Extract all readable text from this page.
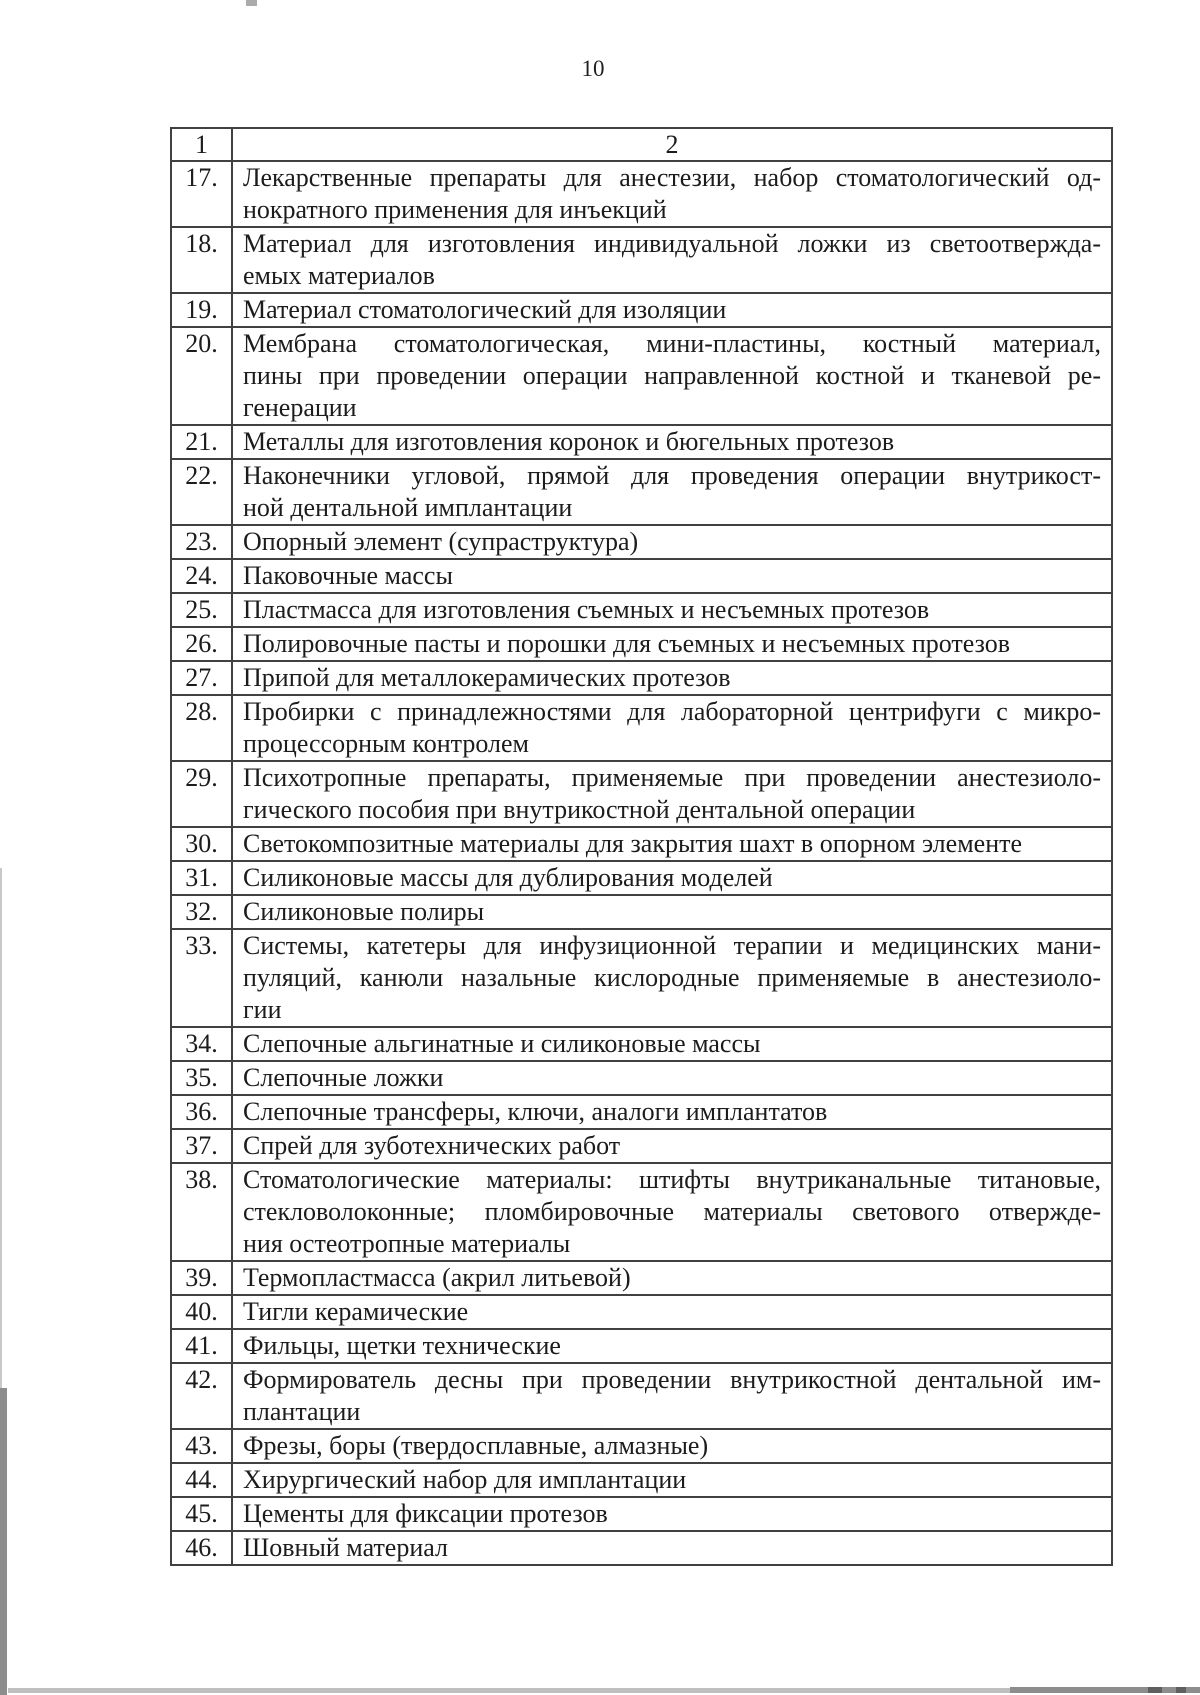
10
1	2
17.	Лекарственные препараты для анестезии, набор стоматологический од-
нократного применения для инъекций

18.	Материал для изготовления индивидуальной ложки из светоотвержда-
емых материалов

19.	Материал стоматологический для изоляции

20.	Мембрана стоматологическая, мини-пластины, костный материал,
пины при проведении операции направленной костной и тканевой ре-
генерации

21.	Металлы для изготовления коронок и бюгельных протезов

22.	Наконечники угловой, прямой для проведения операции внутрикост-
ной дентальной имплантации

23.	Опорный элемент (супраструктура)

24.	Паковочные массы

25.	Пластмасса для изготовления съемных и несъемных протезов

26.	Полировочные пасты и порошки для съемных и несъемных протезов

27.	Припой для металлокерамических протезов

28.	Пробирки с принадлежностями для лабораторной центрифуги с микро-
процессорным контролем

29.	Психотропные препараты, применяемые при проведении анестезиоло-
гического пособия при внутрикостной дентальной операции

30.	Светокомпозитные материалы для закрытия шахт в опорном элементе

31.	Силиконовые массы для дублирования моделей

32.	Силиконовые полиры

33.	Системы, катетеры для инфузиционной терапии и медицинских мани-
пуляций, канюли назальные кислородные применяемые в анестезиоло-
гии

34.	Слепочные альгинатные и силиконовые массы

35.	Слепочные ложки

36.	Слепочные трансферы, ключи, аналоги имплантатов

37.	Спрей для зуботехнических работ

38.	Стоматологические материалы: штифты внутриканальные титановые,
стекловолоконные; пломбировочные материалы светового отвержде-
ния остеотропные материалы

39.	Термопластмасса (акрил литьевой)

40.	Тигли керамические

41.	Фильцы, щетки технические

42.	Формирователь десны при проведении внутрикостной дентальной им-
плантации

43.	Фрезы, боры (твердосплавные, алмазные)

44.	Хирургический набор для имплантации

45.	Цементы для фиксации протезов

46.	Шовный материал
